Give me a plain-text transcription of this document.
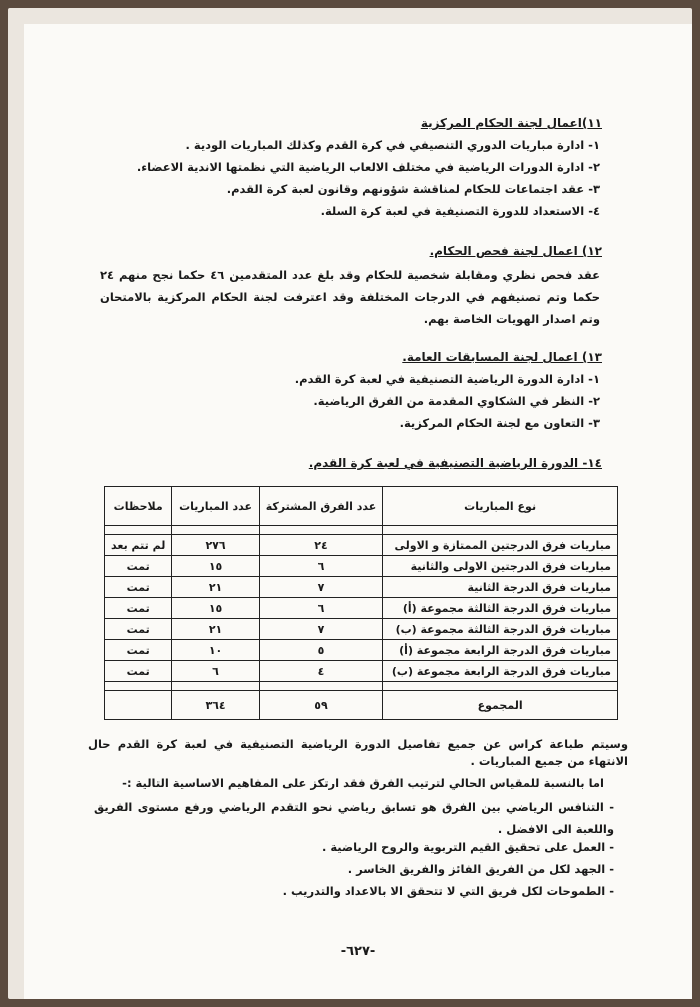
١١)اعمال لجنة الحكام المركزية
١- ادارة مباريات الدوري التنصيفي في كرة القدم وكذلك المباريات الودية .
٢- ادارة الدورات الرياضية في مختلف الالعاب الرياضية التي نظمتها الاندية الاعضاء.
٣- عقد اجتماعات للحكام لمناقشة شؤونهم وقانون لعبة كرة القدم.
٤- الاستعداد للدورة التصنيفية في لعبة كرة السلة.
١٢) اعمال لجنة فحص الحكام.
عقد فحص نظري ومقابلة شخصية للحكام وقد بلغ عدد المتقدمين ٤٦ حكما نجح منهم ٢٤ حكما وتم تصنيفهم في الدرجات المختلفة وقد اعترفت لجنة الحكام المركزية بالامتحان وتم اصدار الهويات الخاصة بهم.
١٣) اعمال لجنة المسابقات العامة.
١- ادارة الدورة الرياضية التصنيفية في لعبة كرة القدم.
٢- النظر في الشكاوي المقدمة من الفرق الرياضية.
٣- التعاون مع لجنة الحكام المركزية.
١٤- الدورة الرياضية التصنيفية في لعبة كرة القدم.
نوع المباريات	عدد الفرق المشتركة	عدد المباريات	ملاحظات

مباريات فرق الدرجتين الممتازة و الاولى	٢٤	٢٧٦	لم تتم بعد
مباريات فرق الدرجتين الاولى والثانية	٦	١٥	تمت
مباريات فرق الدرجة الثانية	٧	٢١	تمت
مباريات فرق الدرجة الثالثة مجموعة (أ)	٦	١٥	تمت
مباريات فرق الدرجة الثالثة مجموعة (ب)	٧	٢١	تمت
مباريات فرق الدرجة الرابعة مجموعة (أ)	٥	١٠	تمت
مباريات فرق الدرجة الرابعة مجموعة (ب)	٤	٦	تمت

المجموع	٥٩	٣٦٤	
وسيتم طباعة كراس عن جميع تفاصيل الدورة الرياضية التصنيفية في لعبة كرة القدم حال الانتهاء من جميع المباريات .
اما بالنسبة للمقياس الحالي لترتيب الفرق فقد ارتكز على المفاهيم الاساسية التالية :-
- التنافس الرياضي بين الفرق هو تسابق رياضي نحو التقدم الرياضي ورفع مستوى الفريق واللعبة الى الافضل .
- العمل على تحقيق القيم التربوية والروح الرياضية .
- الجهد لكل من الفريق الفائز والفريق الخاسر .
- الطموحات لكل فريق التي لا تتحقق الا بالاعداد والتدريب .
-٦٢٧-
